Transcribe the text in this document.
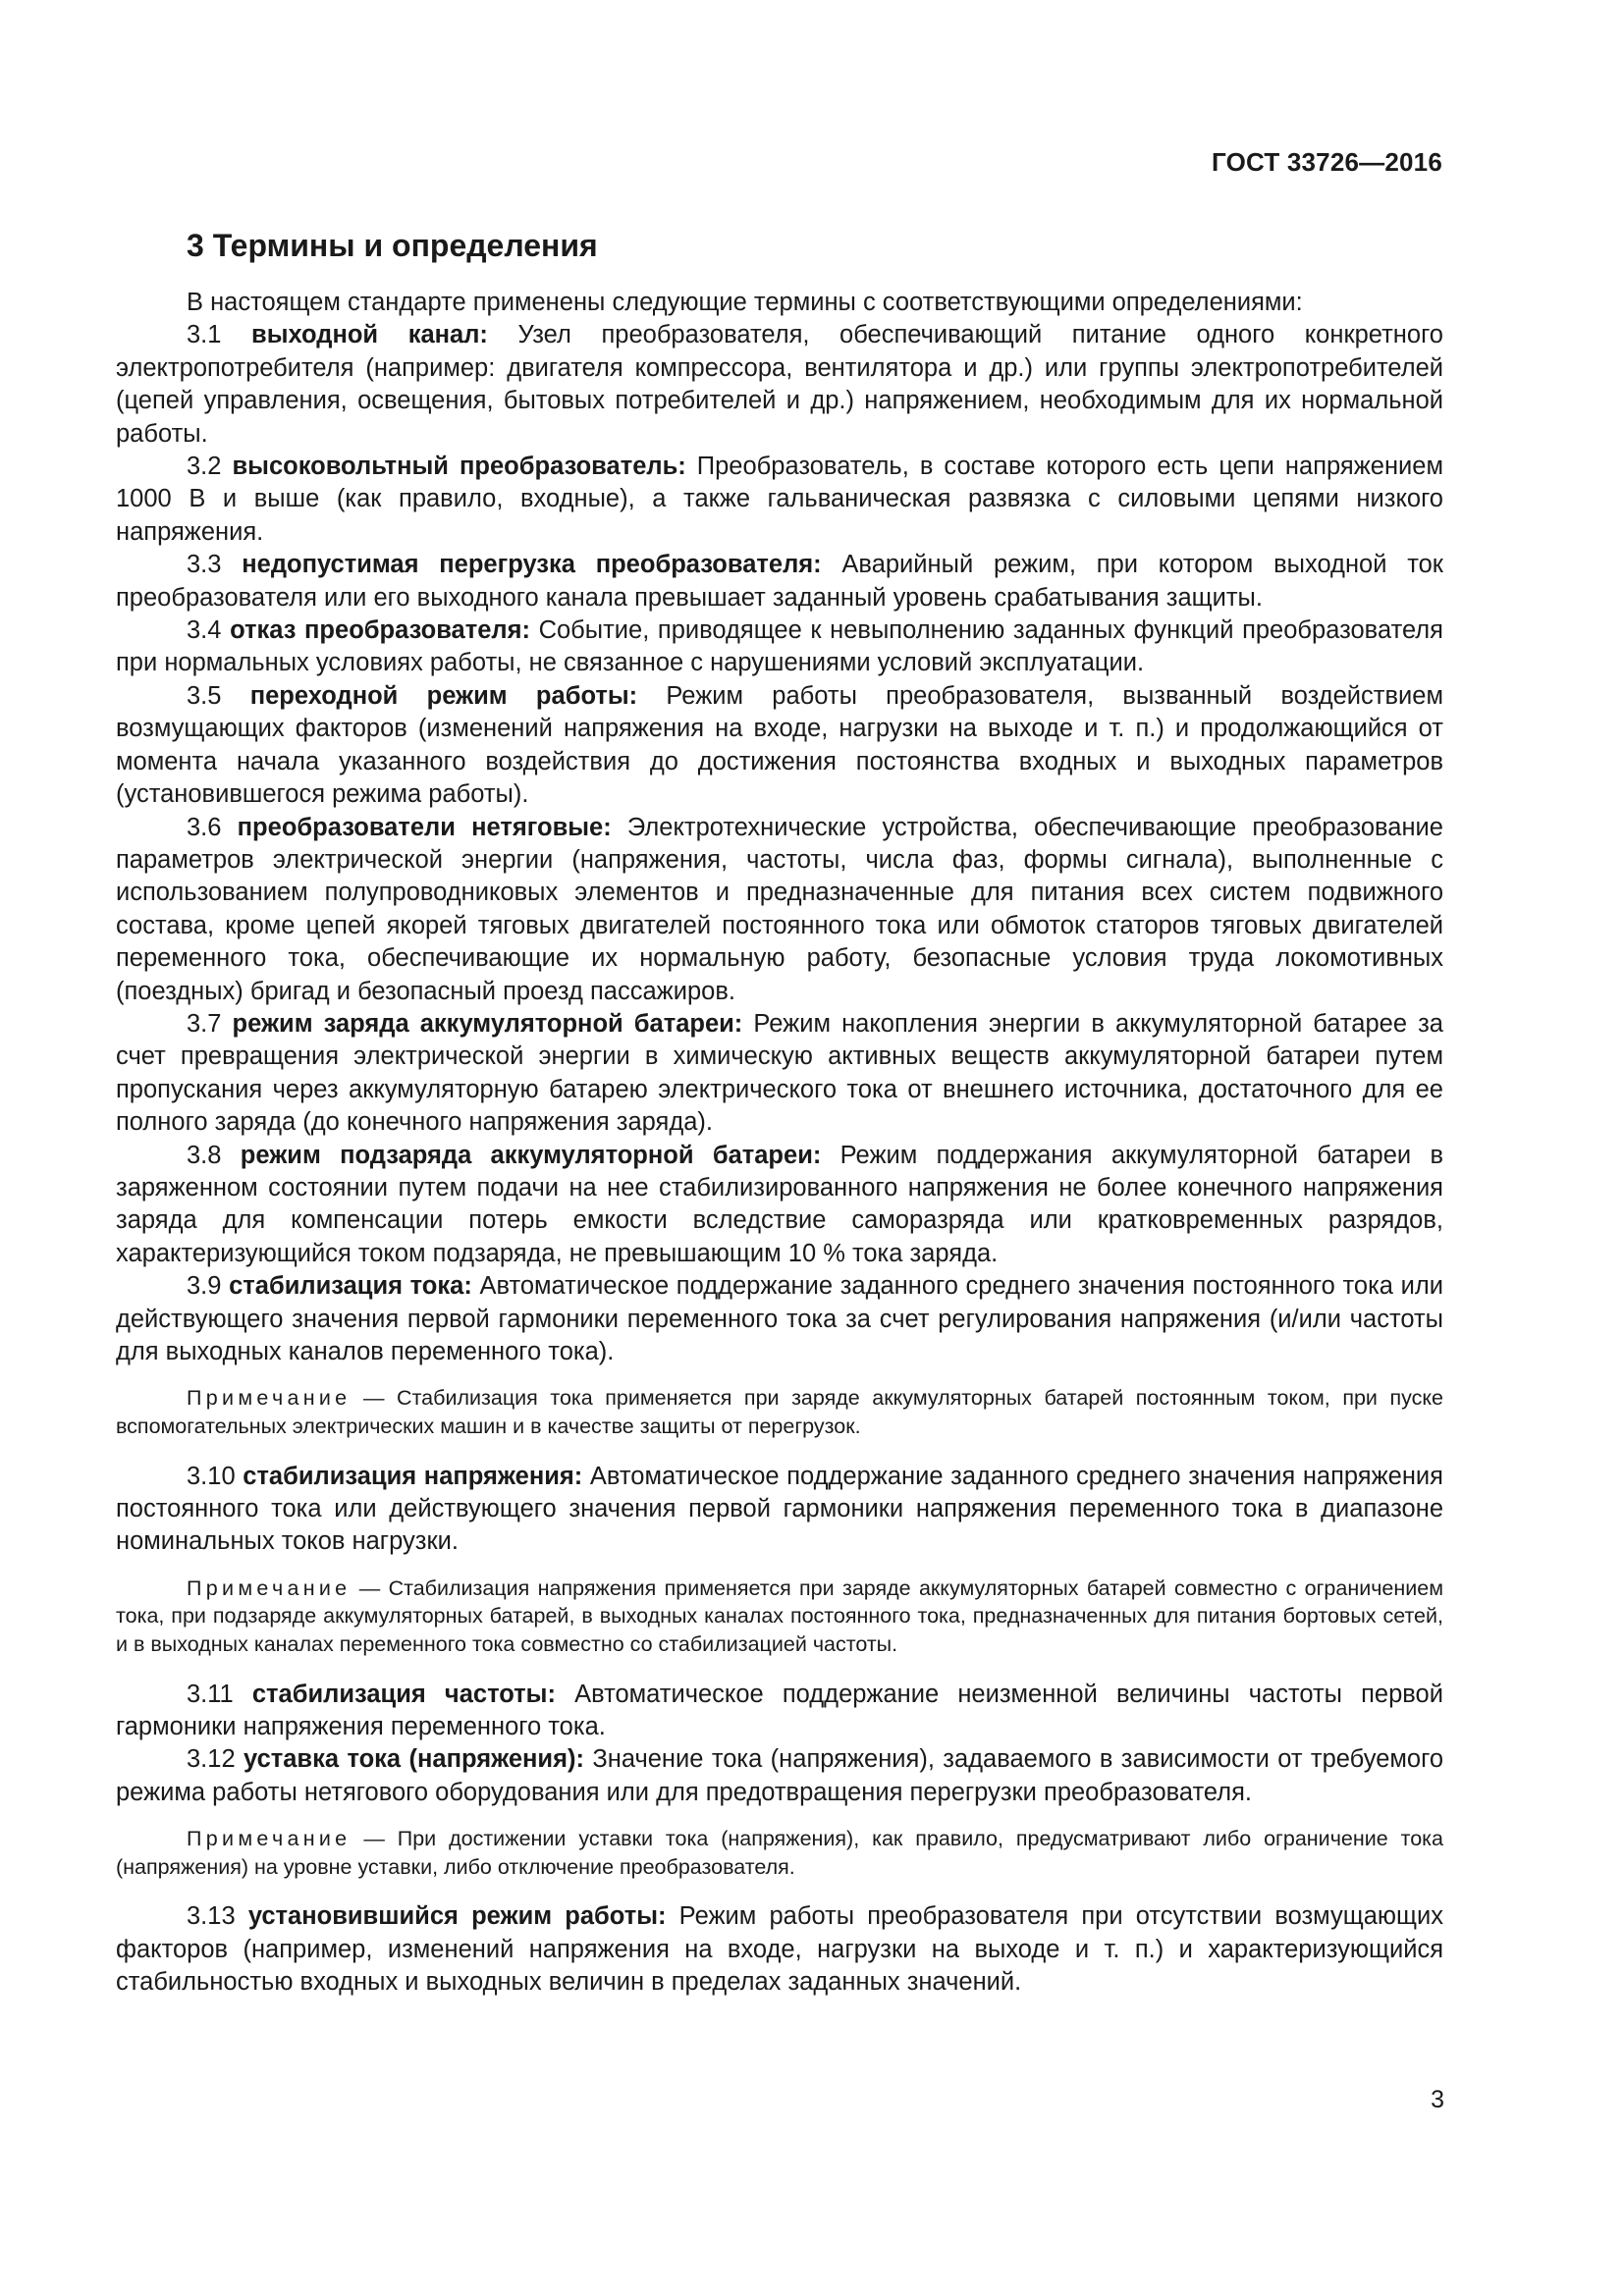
ГОСТ 33726—2016
3 Термины и определения

В настоящем стандарте применены следующие термины с соответствующими определениями:

3.1 выходной канал: Узел преобразователя, обеспечивающий питание одного конкретного электропотребителя (например: двигателя компрессора, вентилятора и др.) или группы электропотребителей (цепей управления, освещения, бытовых потребителей и др.) напряжением, необходимым для их нормальной работы.

3.2 высоковольтный преобразователь: Преобразователь, в составе которого есть цепи напряжением 1000 В и выше (как правило, входные), а также гальваническая развязка с силовыми цепями низкого напряжения.

3.3 недопустимая перегрузка преобразователя: Аварийный режим, при котором выходной ток преобразователя или его выходного канала превышает заданный уровень срабатывания защиты.

3.4 отказ преобразователя: Событие, приводящее к невыполнению заданных функций преобразователя при нормальных условиях работы, не связанное с нарушениями условий эксплуатации.

3.5 переходной режим работы: Режим работы преобразователя, вызванный воздействием возмущающих факторов (изменений напряжения на входе, нагрузки на выходе и т. п.) и продолжающийся от момента начала указанного воздействия до достижения постоянства входных и выходных параметров (установившегося режима работы).

3.6 преобразователи нетяговые: Электротехнические устройства, обеспечивающие преобразование параметров электрической энергии (напряжения, частоты, числа фаз, формы сигнала), выполненные с использованием полупроводниковых элементов и предназначенные для питания всех систем подвижного состава, кроме цепей якорей тяговых двигателей постоянного тока или обмоток статоров тяговых двигателей переменного тока, обеспечивающие их нормальную работу, безопасные условия труда локомотивных (поездных) бригад и безопасный проезд пассажиров.

3.7 режим заряда аккумуляторной батареи: Режим накопления энергии в аккумуляторной батарее за счет превращения электрической энергии в химическую активных веществ аккумуляторной батареи путем пропускания через аккумуляторную батарею электрического тока от внешнего источника, достаточного для ее полного заряда (до конечного напряжения заряда).

3.8 режим подзаряда аккумуляторной батареи: Режим поддержания аккумуляторной батареи в заряженном состоянии путем подачи на нее стабилизированного напряжения не более конечного напряжения заряда для компенсации потерь емкости вследствие саморазряда или кратковременных разрядов, характеризующийся током подзаряда, не превышающим 10 % тока заряда.

3.9 стабилизация тока: Автоматическое поддержание заданного среднего значения постоянного тока или действующего значения первой гармоники переменного тока за счет регулирования напряжения (и/или частоты для выходных каналов переменного тока).

Примечание — Стабилизация тока применяется при заряде аккумуляторных батарей постоянным током, при пуске вспомогательных электрических машин и в качестве защиты от перегрузок.

3.10 стабилизация напряжения: Автоматическое поддержание заданного среднего значения напряжения постоянного тока или действующего значения первой гармоники напряжения переменного тока в диапазоне номинальных токов нагрузки.

Примечание — Стабилизация напряжения применяется при заряде аккумуляторных батарей совместно с ограничением тока, при подзаряде аккумуляторных батарей, в выходных каналах постоянного тока, предназначенных для питания бортовых сетей, и в выходных каналах переменного тока совместно со стабилизацией частоты.

3.11 стабилизация частоты: Автоматическое поддержание неизменной величины частоты первой гармоники напряжения переменного тока.

3.12 уставка тока (напряжения): Значение тока (напряжения), задаваемого в зависимости от требуемого режима работы нетягового оборудования или для предотвращения перегрузки преобразователя.

Примечание — При достижении уставки тока (напряжения), как правило, предусматривают либо ограничение тока (напряжения) на уровне уставки, либо отключение преобразователя.

3.13 установившийся режим работы: Режим работы преобразователя при отсутствии возмущающих факторов (например, изменений напряжения на входе, нагрузки на выходе и т. п.) и характеризующийся стабильностью входных и выходных величин в пределах заданных значений.

3
